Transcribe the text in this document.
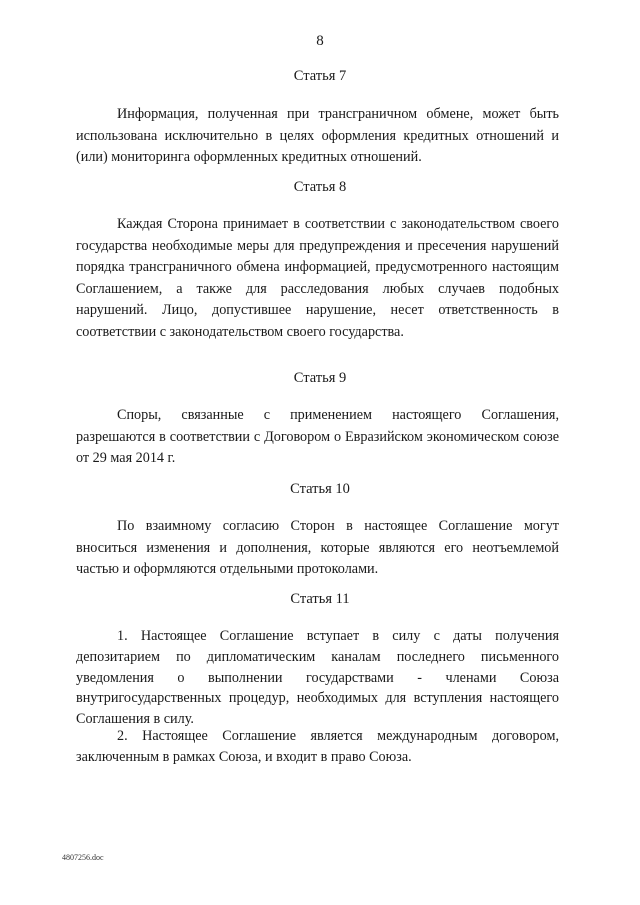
8
Статья 7
Информация, полученная при трансграничном обмене, может быть использована исключительно в целях оформления кредитных отношений и (или) мониторинга оформленных кредитных отношений.
Статья 8
Каждая Сторона принимает в соответствии с законодательством своего государства необходимые меры для предупреждения и пресечения нарушений порядка трансграничного обмена информацией, предусмотренного настоящим Соглашением, а также для расследования любых случаев подобных нарушений. Лицо, допустившее нарушение, несет ответственность в соответствии с законодательством своего государства.
Статья 9
Споры, связанные с применением настоящего Соглашения, разрешаются в соответствии с Договором о Евразийском экономическом союзе от 29 мая 2014 г.
Статья 10
По взаимному согласию Сторон в настоящее Соглашение могут вноситься изменения и дополнения, которые являются его неотъемлемой частью и оформляются отдельными протоколами.
Статья 11
1. Настоящее Соглашение вступает в силу с даты получения депозитарием по дипломатическим каналам последнего письменного уведомления о выполнении государствами - членами Союза внутригосударственных процедур, необходимых для вступления настоящего Соглашения в силу.
2. Настоящее Соглашение является международным договором, заключенным в рамках Союза, и входит в право Союза.
4807256.doc
